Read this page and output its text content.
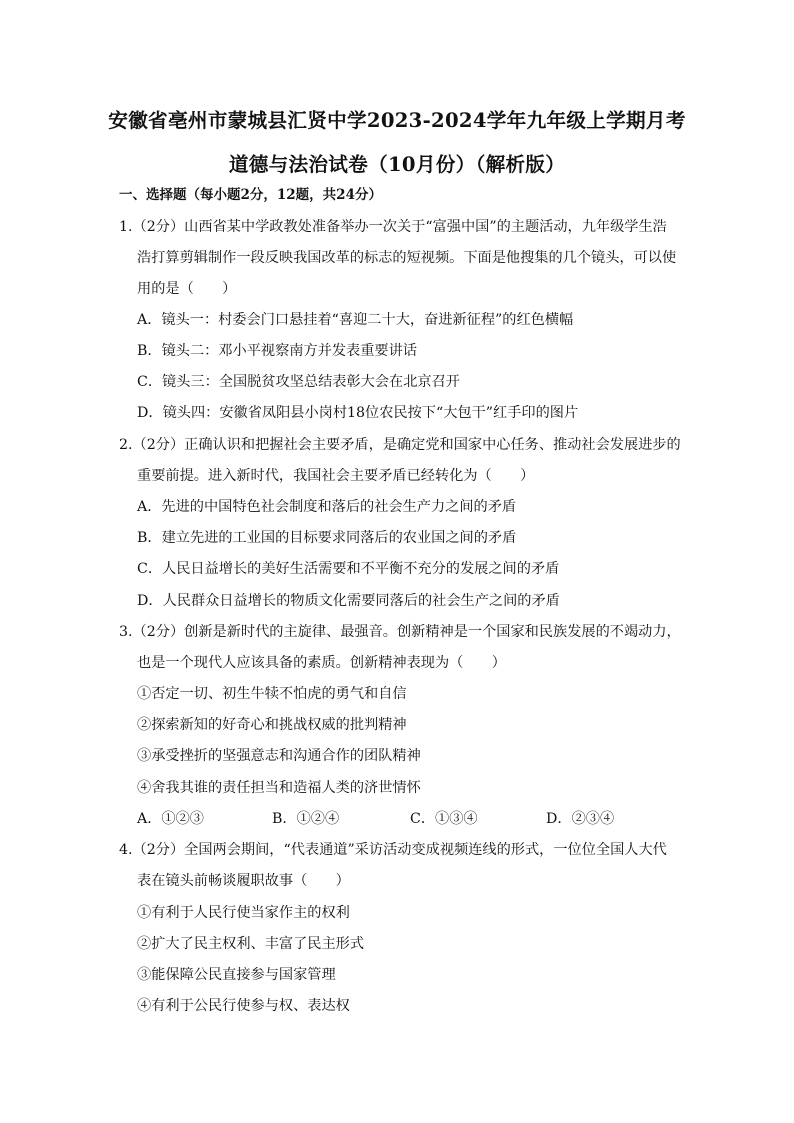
安徽省亳州市蒙城县汇贤中学2023-2024学年九年级上学期月考
道德与法治试卷（10月份）（解析版）
一、选择题（每小题2分，12题，共24分）
1.（2分）山西省某中学政教处准备举办一次关于“富强中国”的主题活动，九年级学生浩
浩打算剪辑制作一段反映我国改革的标志的短视频。下面是他搜集的几个镜头，可以使
用的是（　　）
A．镜头一：村委会门口悬挂着“喜迎二十大，奋进新征程”的红色横幅
B．镜头二：邓小平视察南方并发表重要讲话
C．镜头三：全国脱贫攻坚总结表彰大会在北京召开
D．镜头四：安徽省凤阳县小岗村18位农民按下“大包干”红手印的图片
2.（2分）正确认识和把握社会主要矛盾，是确定党和国家中心任务、推动社会发展进步的
重要前提。进入新时代，我国社会主要矛盾已经转化为（　　）
A．先进的中国特色社会制度和落后的社会生产力之间的矛盾
B．建立先进的工业国的目标要求同落后的农业国之间的矛盾
C．人民日益增长的美好生活需要和不平衡不充分的发展之间的矛盾
D．人民群众日益增长的物质文化需要同落后的社会生产之间的矛盾
3.（2分）创新是新时代的主旋律、最强音。创新精神是一个国家和民族发展的不竭动力，
也是一个现代人应该具备的素质。创新精神表现为（　　）
①否定一切、初生牛犊不怕虎的勇气和自信
②探索新知的好奇心和挑战权威的批判精神
③承受挫折的坚强意志和沟通合作的团队精神
④舍我其谁的责任担当和造福人类的济世情怀
A．①②③	B．①②④	C．①③④	D．②③④
4.（2分）全国两会期间，“代表通道”采访活动变成视频连线的形式，一位位全国人大代
表在镜头前畅谈履职故事（　　）
①有利于人民行使当家作主的权利
②扩大了民主权利、丰富了民主形式
③能保障公民直接参与国家管理
④有利于公民行使参与权、表达权
